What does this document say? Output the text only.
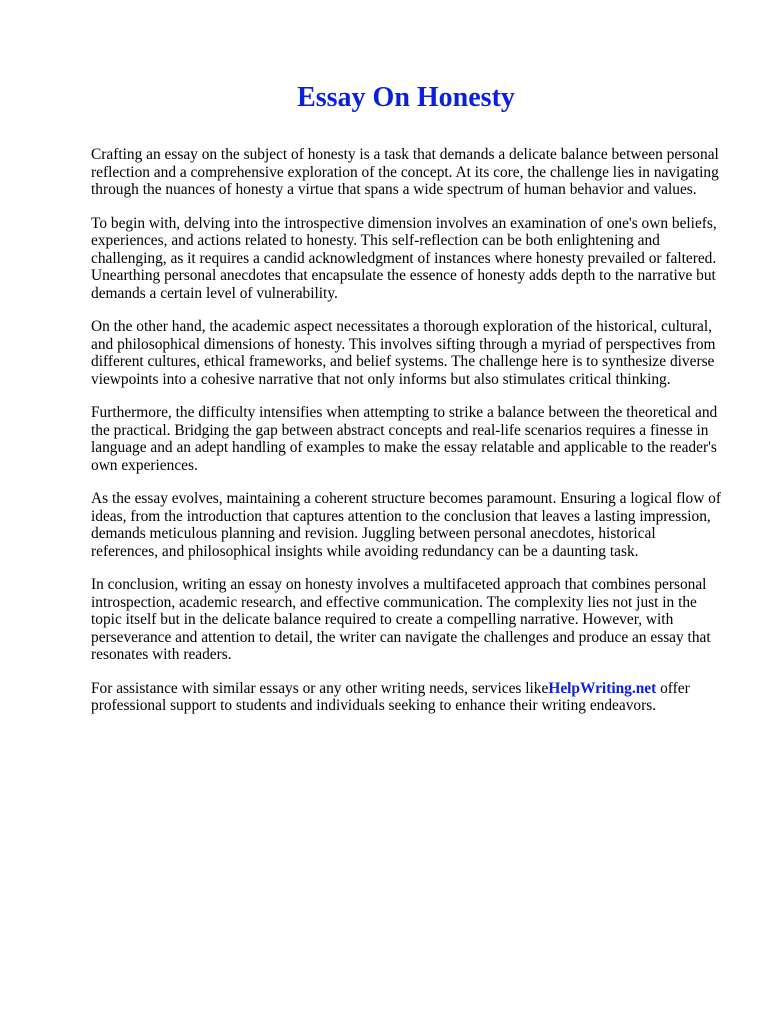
Essay On Honesty

Crafting an essay on the subject of honesty is a task that demands a delicate balance between personal reflection and a comprehensive exploration of the concept. At its core, the challenge lies in navigating through the nuances of honesty a virtue that spans a wide spectrum of human behavior and values.

To begin with, delving into the introspective dimension involves an examination of one's own beliefs, experiences, and actions related to honesty. This self-reflection can be both enlightening and challenging, as it requires a candid acknowledgment of instances where honesty prevailed or faltered. Unearthing personal anecdotes that encapsulate the essence of honesty adds depth to the narrative but demands a certain level of vulnerability.

On the other hand, the academic aspect necessitates a thorough exploration of the historical, cultural, and philosophical dimensions of honesty. This involves sifting through a myriad of perspectives from different cultures, ethical frameworks, and belief systems. The challenge here is to synthesize diverse viewpoints into a cohesive narrative that not only informs but also stimulates critical thinking.

Furthermore, the difficulty intensifies when attempting to strike a balance between the theoretical and the practical. Bridging the gap between abstract concepts and real-life scenarios requires a finesse in language and an adept handling of examples to make the essay relatable and applicable to the reader's own experiences.

As the essay evolves, maintaining a coherent structure becomes paramount. Ensuring a logical flow of ideas, from the introduction that captures attention to the conclusion that leaves a lasting impression, demands meticulous planning and revision. Juggling between personal anecdotes, historical references, and philosophical insights while avoiding redundancy can be a daunting task.

In conclusion, writing an essay on honesty involves a multifaceted approach that combines personal introspection, academic research, and effective communication. The complexity lies not just in the topic itself but in the delicate balance required to create a compelling narrative. However, with perseverance and attention to detail, the writer can navigate the challenges and produce an essay that resonates with readers.

For assistance with similar essays or any other writing needs, services likeHelpWriting.net offer professional support to students and individuals seeking to enhance their writing endeavors.
